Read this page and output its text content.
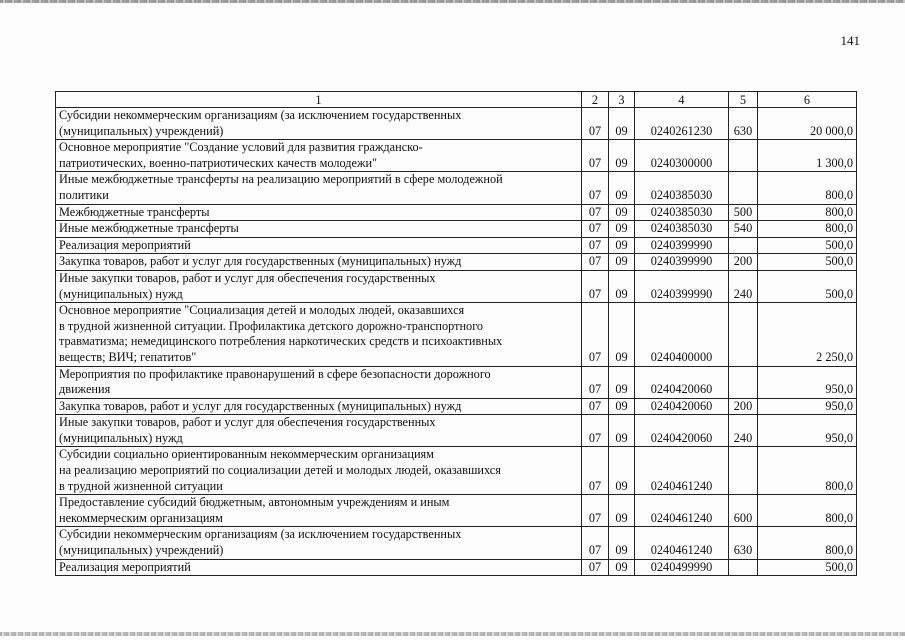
141
1	2	3	4	5	6
Субсидии некоммерческим организациям (за исключением государственных
(муниципальных) учреждений)	07	09	0240261230	630	20 000,0
Основное мероприятие "Создание условий для развития гражданско-
патриотических, военно-патриотических качеств молодежи"	07	09	0240300000		1 300,0
Иные межбюджетные трансферты на реализацию мероприятий в сфере молодежной
политики	07	09	0240385030		800,0
Межбюджетные трансферты	07	09	0240385030	500	800,0
Иные межбюджетные трансферты	07	09	0240385030	540	800,0
Реализация мероприятий	07	09	0240399990		500,0
Закупка товаров, работ и услуг для государственных (муниципальных) нужд	07	09	0240399990	200	500,0
Иные закупки товаров, работ и услуг для обеспечения государственных
(муниципальных) нужд	07	09	0240399990	240	500,0
Основное мероприятие "Социализация детей и молодых людей, оказавшихся
в трудной жизненной ситуации. Профилактика детского дорожно-транспортного
травматизма; немедицинского потребления наркотических средств и психоактивных
веществ; ВИЧ; гепатитов"	07	09	0240400000		2 250,0
Мероприятия по профилактике правонарушений в сфере безопасности дорожного
движения	07	09	0240420060		950,0
Закупка товаров, работ и услуг для государственных (муниципальных) нужд	07	09	0240420060	200	950,0
Иные закупки товаров, работ и услуг для обеспечения государственных
(муниципальных) нужд	07	09	0240420060	240	950,0
Субсидии социально ориентированным некоммерческим организациям
на реализацию мероприятий по социализации детей и молодых людей, оказавшихся
в трудной жизненной ситуации	07	09	0240461240		800,0
Предоставление субсидий бюджетным, автономным учреждениям и иным
некоммерческим организациям	07	09	0240461240	600	800,0
Субсидии некоммерческим организациям (за исключением государственных
(муниципальных) учреждений)	07	09	0240461240	630	800,0
Реализация мероприятий	07	09	0240499990		500,0
